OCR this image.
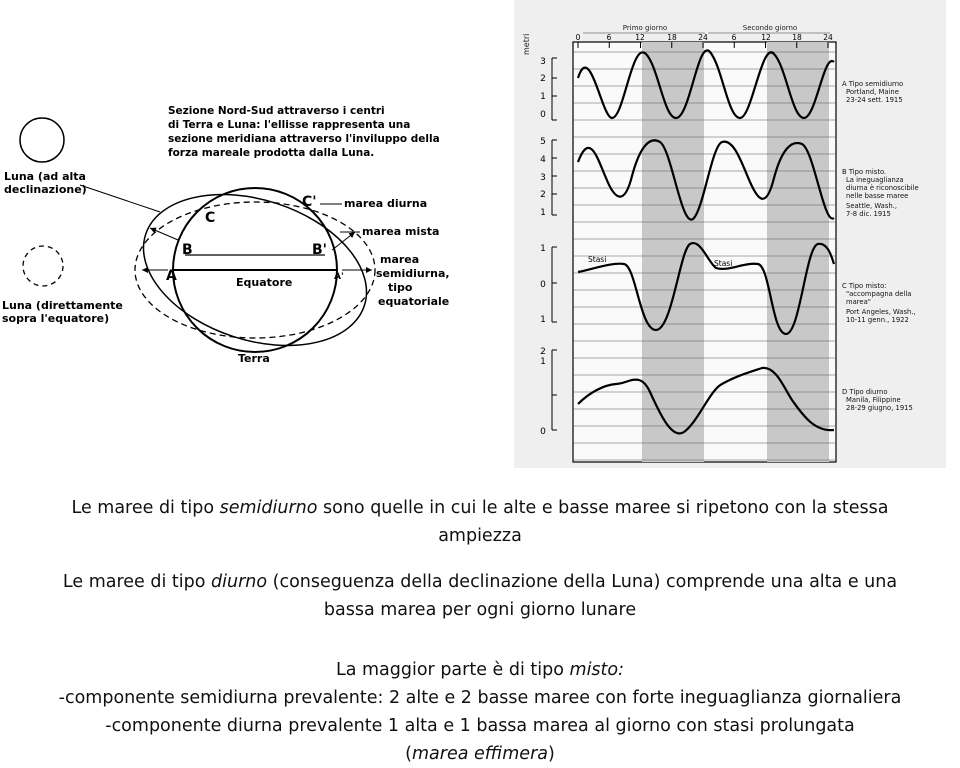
Sezione Nord-Sud attraverso i centri di Terra e Luna: l'ellisse rappresenta una sezione meridiana attraverso l'inviluppo della forza mareale prodotta dalla Luna.
Luna (ad alta declinazione)
Luna (direttamente sopra l'equatore)
C
C'
B	B'
A	A'
Equatore
Terra
marea diurna
marea mista
marea semidiurna, tipo equatoriale
metri
Primo giorno	Secondo giorno
0	6	12	18	24	6	12	18	24
3
2
1
0
5
4
3
2
1
1
0
1
2
1
0
Stasi	Stasi
A Tipo semidiurno Portland, Maine 23-24 sett. 1915
B Tipo misto. La ineguaglianza diurna è riconoscibile nelle basse maree Seattle, Wash., 7-8 dic. 1915
C Tipo misto: "accompagna della marea" Port Angeles, Wash., 10-11 genn., 1922
D Tipo diurno Manila, Filippine 28-29 giugno, 1915
Le maree di tipo semidiurno sono quelle in cui le alte e basse maree si ripetono con la stessa
ampiezza
Le maree di tipo diurno (conseguenza della declinazione della Luna) comprende una alta e una
bassa marea per ogni giorno lunare
La maggior parte è di tipo misto:
-componente semidiurna prevalente: 2 alte e 2 basse maree con forte ineguaglianza giornaliera
-componente diurna prevalente 1 alta e 1 bassa marea al giorno con stasi prolungata
(marea effimera)
